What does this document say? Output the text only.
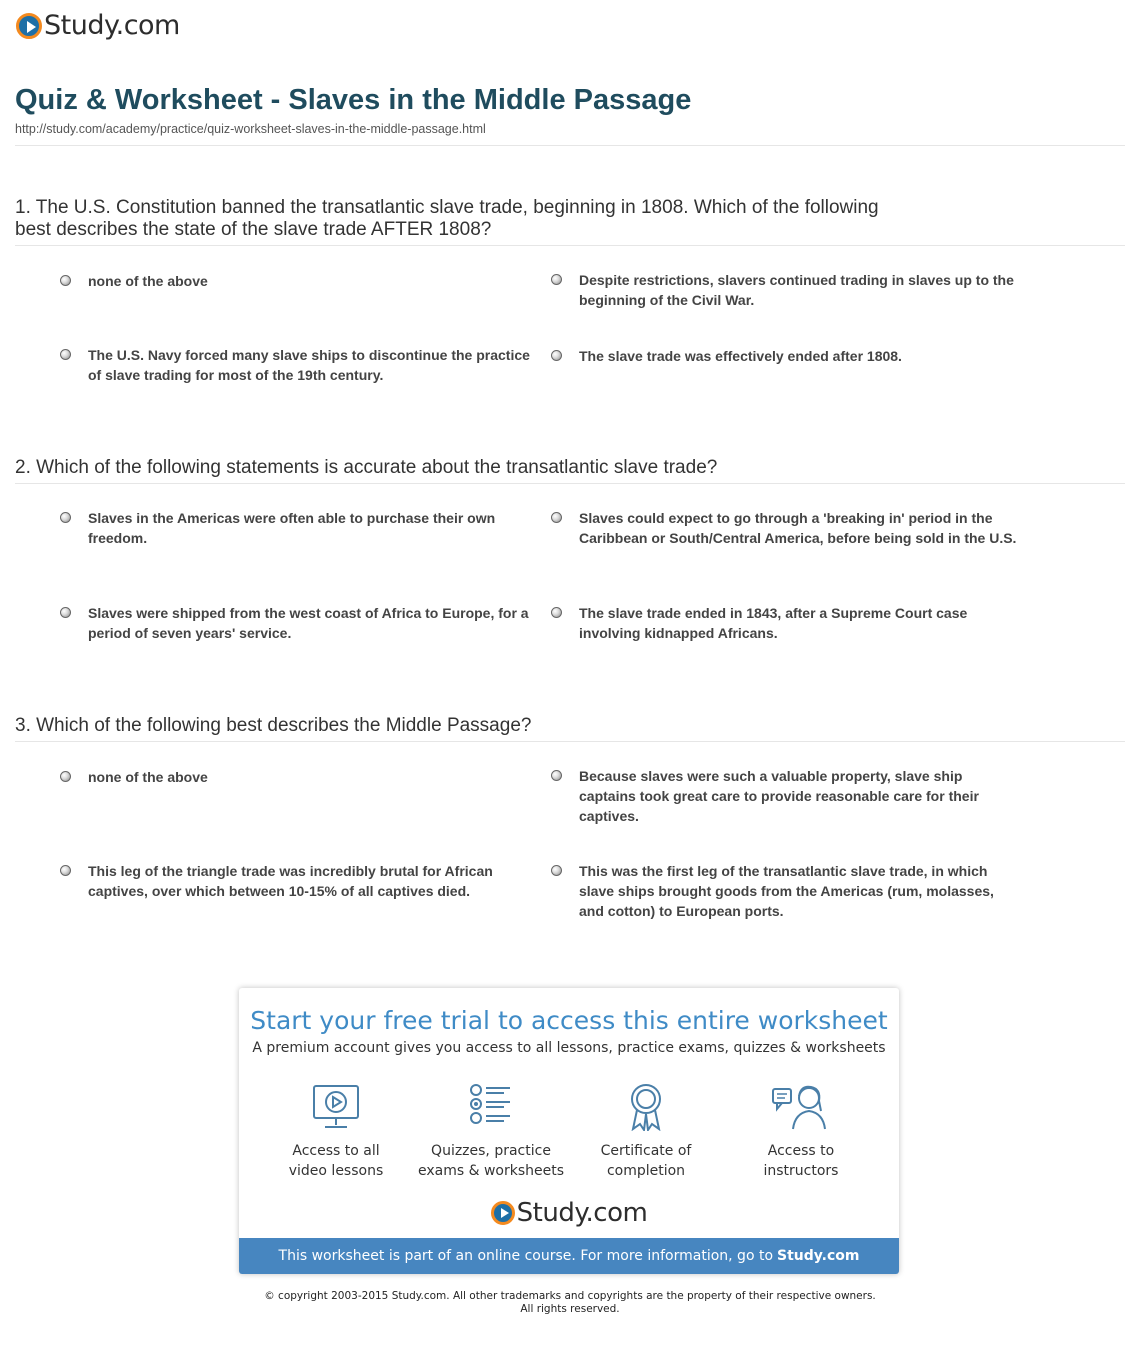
Study.com
Quiz & Worksheet - Slaves in the Middle Passage
http://study.com/academy/practice/quiz-worksheet-slaves-in-the-middle-passage.html
1. The U.S. Constitution banned the transatlantic slave trade, beginning in 1808. Which of the following best describes the state of the slave trade AFTER 1808?
none of the above	Despite restrictions, slavers continued trading in slaves up to the beginning of the Civil War.
The U.S. Navy forced many slave ships to discontinue the practice of slave trading for most of the 19th century.
The slave trade was effectively ended after 1808.
2. Which of the following statements is accurate about the transatlantic slave trade?
Slaves in the Americas were often able to purchase their own freedom.
Slaves could expect to go through a 'breaking in' period in the Caribbean or South/Central America, before being sold in the U.S.
Slaves were shipped from the west coast of Africa to Europe, for a period of seven years' service.
The slave trade ended in 1843, after a Supreme Court case involving kidnapped Africans.
3. Which of the following best describes the Middle Passage?
none of the above	Because slaves were such a valuable property, slave ship captains took great care to provide reasonable care for their captives.
This leg of the triangle trade was incredibly brutal for African captives, over which between 10-15% of all captives died.
This was the first leg of the transatlantic slave trade, in which slave ships brought goods from the Americas (rum, molasses, and cotton) to European ports.
Start your free trial to access this entire worksheet
A premium account gives you access to all lessons, practice exams, quizzes & worksheets
Access to all
video lessons
Quizzes, practice
exams & worksheets
Certificate of
completion
Access to
instructors
Study.com
This worksheet is part of an online course. For more information, go to Study.com
© copyright 2003-2015 Study.com. All other trademarks and copyrights are the property of their respective owners.
All rights reserved.
